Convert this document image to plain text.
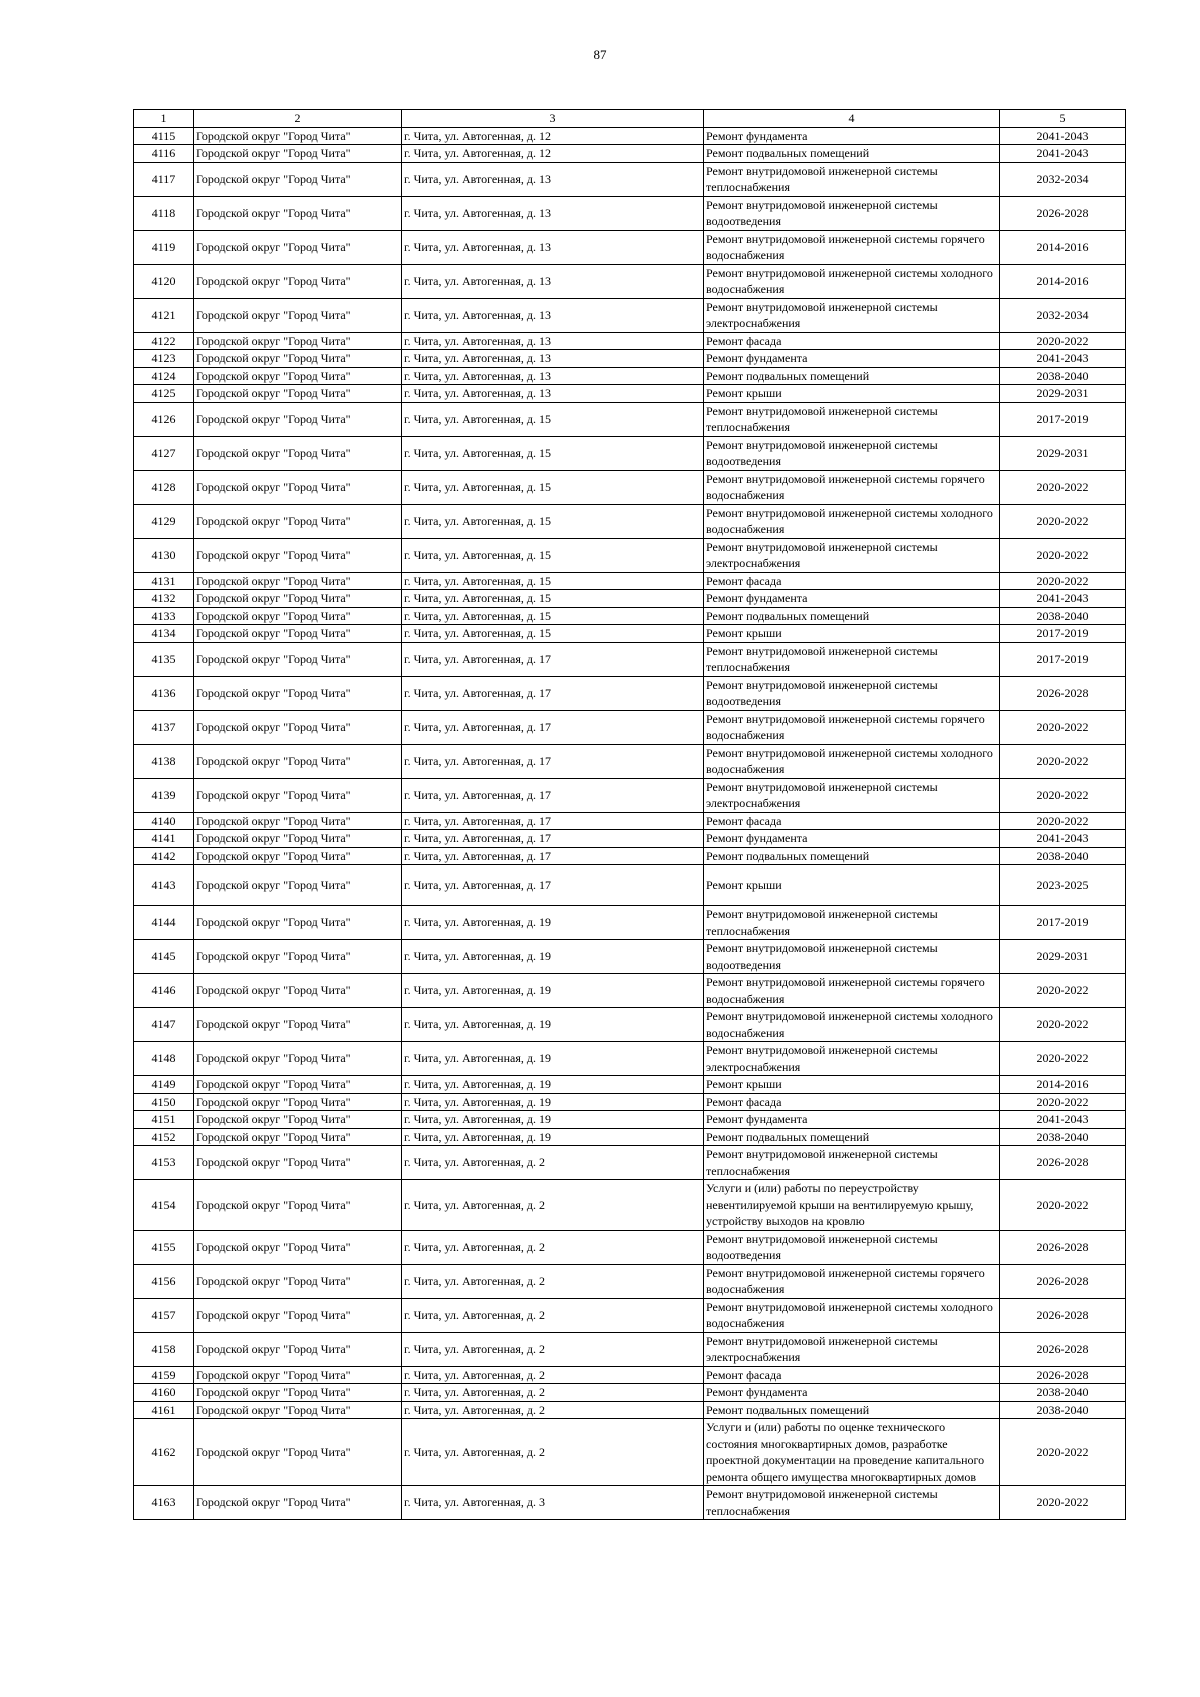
87
1	2	3	4	5
4115	Городской округ "Город Чита"	г. Чита, ул. Автогенная, д. 12	Ремонт фундамента	2041-2043
4116	Городской округ "Город Чита"	г. Чита, ул. Автогенная, д. 12	Ремонт подвальных помещений	2041-2043
4117	Городской округ "Город Чита"	г. Чита, ул. Автогенная, д. 13	Ремонт внутридомовой инженерной системы теплоснабжения	2032-2034
4118	Городской округ "Город Чита"	г. Чита, ул. Автогенная, д. 13	Ремонт внутридомовой инженерной системы водоотведения	2026-2028
4119	Городской округ "Город Чита"	г. Чита, ул. Автогенная, д. 13	Ремонт внутридомовой инженерной системы горячего водоснабжения	2014-2016
4120	Городской округ "Город Чита"	г. Чита, ул. Автогенная, д. 13	Ремонт внутридомовой инженерной системы холодного водоснабжения	2014-2016
4121	Городской округ "Город Чита"	г. Чита, ул. Автогенная, д. 13	Ремонт внутридомовой инженерной системы электроснабжения	2032-2034
4122	Городской округ "Город Чита"	г. Чита, ул. Автогенная, д. 13	Ремонт фасада	2020-2022
4123	Городской округ "Город Чита"	г. Чита, ул. Автогенная, д. 13	Ремонт фундамента	2041-2043
4124	Городской округ "Город Чита"	г. Чита, ул. Автогенная, д. 13	Ремонт подвальных помещений	2038-2040
4125	Городской округ "Город Чита"	г. Чита, ул. Автогенная, д. 13	Ремонт крыши	2029-2031
4126	Городской округ "Город Чита"	г. Чита, ул. Автогенная, д. 15	Ремонт внутридомовой инженерной системы теплоснабжения	2017-2019
4127	Городской округ "Город Чита"	г. Чита, ул. Автогенная, д. 15	Ремонт внутридомовой инженерной системы водоотведения	2029-2031
4128	Городской округ "Город Чита"	г. Чита, ул. Автогенная, д. 15	Ремонт внутридомовой инженерной системы горячего водоснабжения	2020-2022
4129	Городской округ "Город Чита"	г. Чита, ул. Автогенная, д. 15	Ремонт внутридомовой инженерной системы холодного водоснабжения	2020-2022
4130	Городской округ "Город Чита"	г. Чита, ул. Автогенная, д. 15	Ремонт внутридомовой инженерной системы электроснабжения	2020-2022
4131	Городской округ "Город Чита"	г. Чита, ул. Автогенная, д. 15	Ремонт фасада	2020-2022
4132	Городской округ "Город Чита"	г. Чита, ул. Автогенная, д. 15	Ремонт фундамента	2041-2043
4133	Городской округ "Город Чита"	г. Чита, ул. Автогенная, д. 15	Ремонт подвальных помещений	2038-2040
4134	Городской округ "Город Чита"	г. Чита, ул. Автогенная, д. 15	Ремонт крыши	2017-2019
4135	Городской округ "Город Чита"	г. Чита, ул. Автогенная, д. 17	Ремонт внутридомовой инженерной системы теплоснабжения	2017-2019
4136	Городской округ "Город Чита"	г. Чита, ул. Автогенная, д. 17	Ремонт внутридомовой инженерной системы водоотведения	2026-2028
4137	Городской округ "Город Чита"	г. Чита, ул. Автогенная, д. 17	Ремонт внутридомовой инженерной системы горячего водоснабжения	2020-2022
4138	Городской округ "Город Чита"	г. Чита, ул. Автогенная, д. 17	Ремонт внутридомовой инженерной системы холодного водоснабжения	2020-2022
4139	Городской округ "Город Чита"	г. Чита, ул. Автогенная, д. 17	Ремонт внутридомовой инженерной системы электроснабжения	2020-2022
4140	Городской округ "Город Чита"	г. Чита, ул. Автогенная, д. 17	Ремонт фасада	2020-2022
4141	Городской округ "Город Чита"	г. Чита, ул. Автогенная, д. 17	Ремонт фундамента	2041-2043
4142	Городской округ "Город Чита"	г. Чита, ул. Автогенная, д. 17	Ремонт подвальных помещений	2038-2040
4143	Городской округ "Город Чита"	г. Чита, ул. Автогенная, д. 17	Ремонт крыши	2023-2025
4144	Городской округ "Город Чита"	г. Чита, ул. Автогенная, д. 19	Ремонт внутридомовой инженерной системы теплоснабжения	2017-2019
4145	Городской округ "Город Чита"	г. Чита, ул. Автогенная, д. 19	Ремонт внутридомовой инженерной системы водоотведения	2029-2031
4146	Городской округ "Город Чита"	г. Чита, ул. Автогенная, д. 19	Ремонт внутридомовой инженерной системы горячего водоснабжения	2020-2022
4147	Городской округ "Город Чита"	г. Чита, ул. Автогенная, д. 19	Ремонт внутридомовой инженерной системы холодного водоснабжения	2020-2022
4148	Городской округ "Город Чита"	г. Чита, ул. Автогенная, д. 19	Ремонт внутридомовой инженерной системы электроснабжения	2020-2022
4149	Городской округ "Город Чита"	г. Чита, ул. Автогенная, д. 19	Ремонт крыши	2014-2016
4150	Городской округ "Город Чита"	г. Чита, ул. Автогенная, д. 19	Ремонт фасада	2020-2022
4151	Городской округ "Город Чита"	г. Чита, ул. Автогенная, д. 19	Ремонт фундамента	2041-2043
4152	Городской округ "Город Чита"	г. Чита, ул. Автогенная, д. 19	Ремонт подвальных помещений	2038-2040
4153	Городской округ "Город Чита"	г. Чита, ул. Автогенная, д. 2	Ремонт внутридомовой инженерной системы теплоснабжения	2026-2028
4154	Городской округ "Город Чита"	г. Чита, ул. Автогенная, д. 2	Услуги и (или) работы по переустройству невентилируемой крыши на вентилируемую крышу, устройству выходов на кровлю	2020-2022
4155	Городской округ "Город Чита"	г. Чита, ул. Автогенная, д. 2	Ремонт внутридомовой инженерной системы водоотведения	2026-2028
4156	Городской округ "Город Чита"	г. Чита, ул. Автогенная, д. 2	Ремонт внутридомовой инженерной системы горячего водоснабжения	2026-2028
4157	Городской округ "Город Чита"	г. Чита, ул. Автогенная, д. 2	Ремонт внутридомовой инженерной системы холодного водоснабжения	2026-2028
4158	Городской округ "Город Чита"	г. Чита, ул. Автогенная, д. 2	Ремонт внутридомовой инженерной системы электроснабжения	2026-2028
4159	Городской округ "Город Чита"	г. Чита, ул. Автогенная, д. 2	Ремонт фасада	2026-2028
4160	Городской округ "Город Чита"	г. Чита, ул. Автогенная, д. 2	Ремонт фундамента	2038-2040
4161	Городской округ "Город Чита"	г. Чита, ул. Автогенная, д. 2	Ремонт подвальных помещений	2038-2040
4162	Городской округ "Город Чита"	г. Чита, ул. Автогенная, д. 2	Услуги и (или) работы по оценке технического состояния многоквартирных домов, разработке проектной документации на проведение капитального ремонта общего имущества многоквартирных домов	2020-2022
4163	Городской округ "Город Чита"	г. Чита, ул. Автогенная, д. 3	Ремонт внутридомовой инженерной системы теплоснабжения	2020-2022
